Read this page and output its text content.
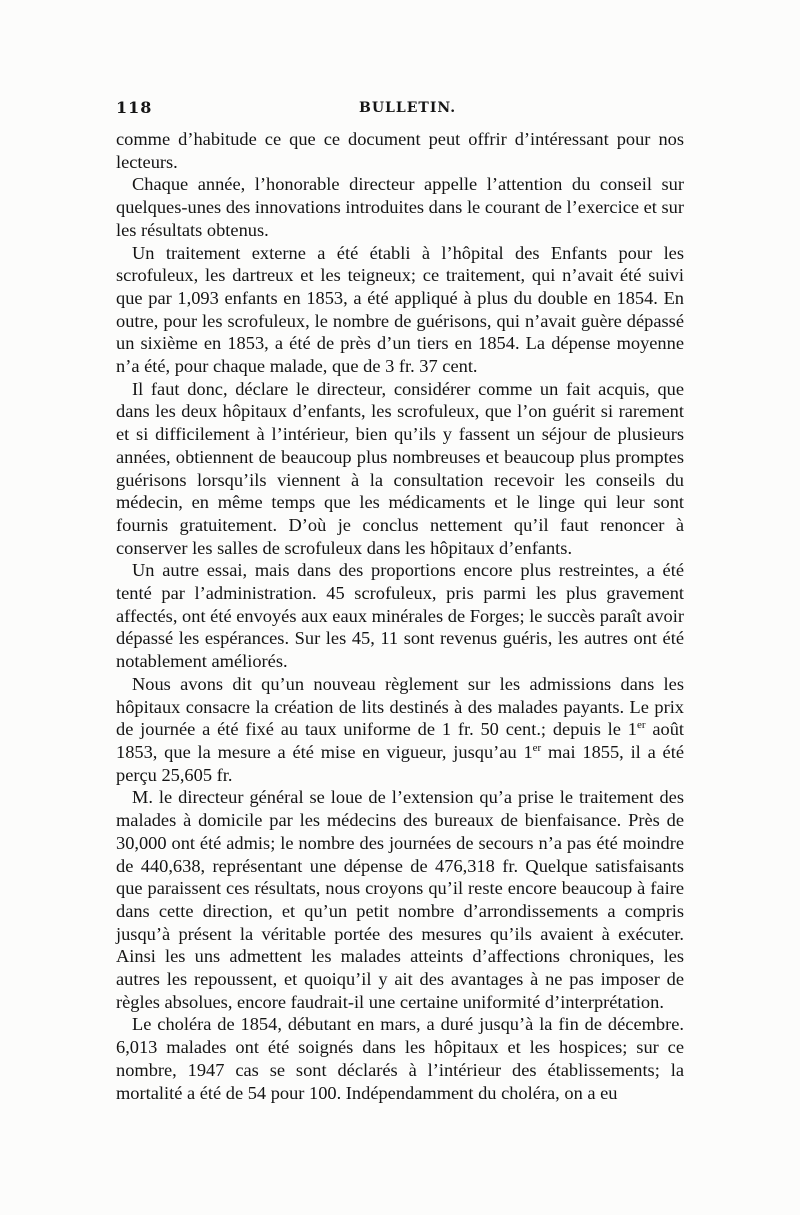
118	BULLETIN.

comme d’habitude ce que ce document peut offrir d’intéressant pour nos lecteurs.

Chaque année, l’honorable directeur appelle l’attention du conseil sur quelques-unes des innovations introduites dans le courant de l’exercice et sur les résultats obtenus.

Un traitement externe a été établi à l’hôpital des Enfants pour les scrofuleux, les dartreux et les teigneux; ce traitement, qui n’avait été suivi que par 1,093 enfants en 1853, a été appliqué à plus du double en 1854. En outre, pour les scrofuleux, le nombre de guérisons, qui n’avait guère dépassé un sixième en 1853, a été de près d’un tiers en 1854. La dépense moyenne n’a été, pour chaque malade, que de 3 fr. 37 cent.

Il faut donc, déclare le directeur, considérer comme un fait acquis, que dans les deux hôpitaux d’enfants, les scrofuleux, que l’on guérit si rarement et si difficilement à l’intérieur, bien qu’ils y fassent un séjour de plusieurs années, obtiennent de beaucoup plus nombreuses et beaucoup plus promptes guérisons lorsqu’ils viennent à la consultation recevoir les conseils du médecin, en même temps que les médicaments et le linge qui leur sont fournis gratuitement. D’où je conclus nettement qu’il faut renoncer à conserver les salles de scrofuleux dans les hôpitaux d’enfants.

Un autre essai, mais dans des proportions encore plus restreintes, a été tenté par l’administration. 45 scrofuleux, pris parmi les plus gravement affectés, ont été envoyés aux eaux minérales de Forges; le succès paraît avoir dépassé les espérances. Sur les 45, 11 sont revenus guéris, les autres ont été notablement améliorés.

Nous avons dit qu’un nouveau règlement sur les admissions dans les hôpitaux consacre la création de lits destinés à des malades payants. Le prix de journée a été fixé au taux uniforme de 1 fr. 50 cent.; depuis le 1er août 1853, que la mesure a été mise en vigueur, jusqu’au 1er mai 1855, il a été perçu 25,605 fr.

M. le directeur général se loue de l’extension qu’a prise le traitement des malades à domicile par les médecins des bureaux de bienfaisance. Près de 30,000 ont été admis; le nombre des journées de secours n’a pas été moindre de 440,638, représentant une dépense de 476,318 fr. Quelque satisfaisants que paraissent ces résultats, nous croyons qu’il reste encore beaucoup à faire dans cette direction, et qu’un petit nombre d’arrondissements a compris jusqu’à présent la véritable portée des mesures qu’ils avaient à exécuter. Ainsi les uns admettent les malades atteints d’affections chroniques, les autres les repoussent, et quoiqu’il y ait des avantages à ne pas imposer de règles absolues, encore faudrait-il une certaine uniformité d’interprétation.

Le choléra de 1854, débutant en mars, a duré jusqu’à la fin de décembre. 6,013 malades ont été soignés dans les hôpitaux et les hospices; sur ce nombre, 1947 cas se sont déclarés à l’intérieur des établissements; la mortalité a été de 54 pour 100. Indépendamment du choléra, on a eu
